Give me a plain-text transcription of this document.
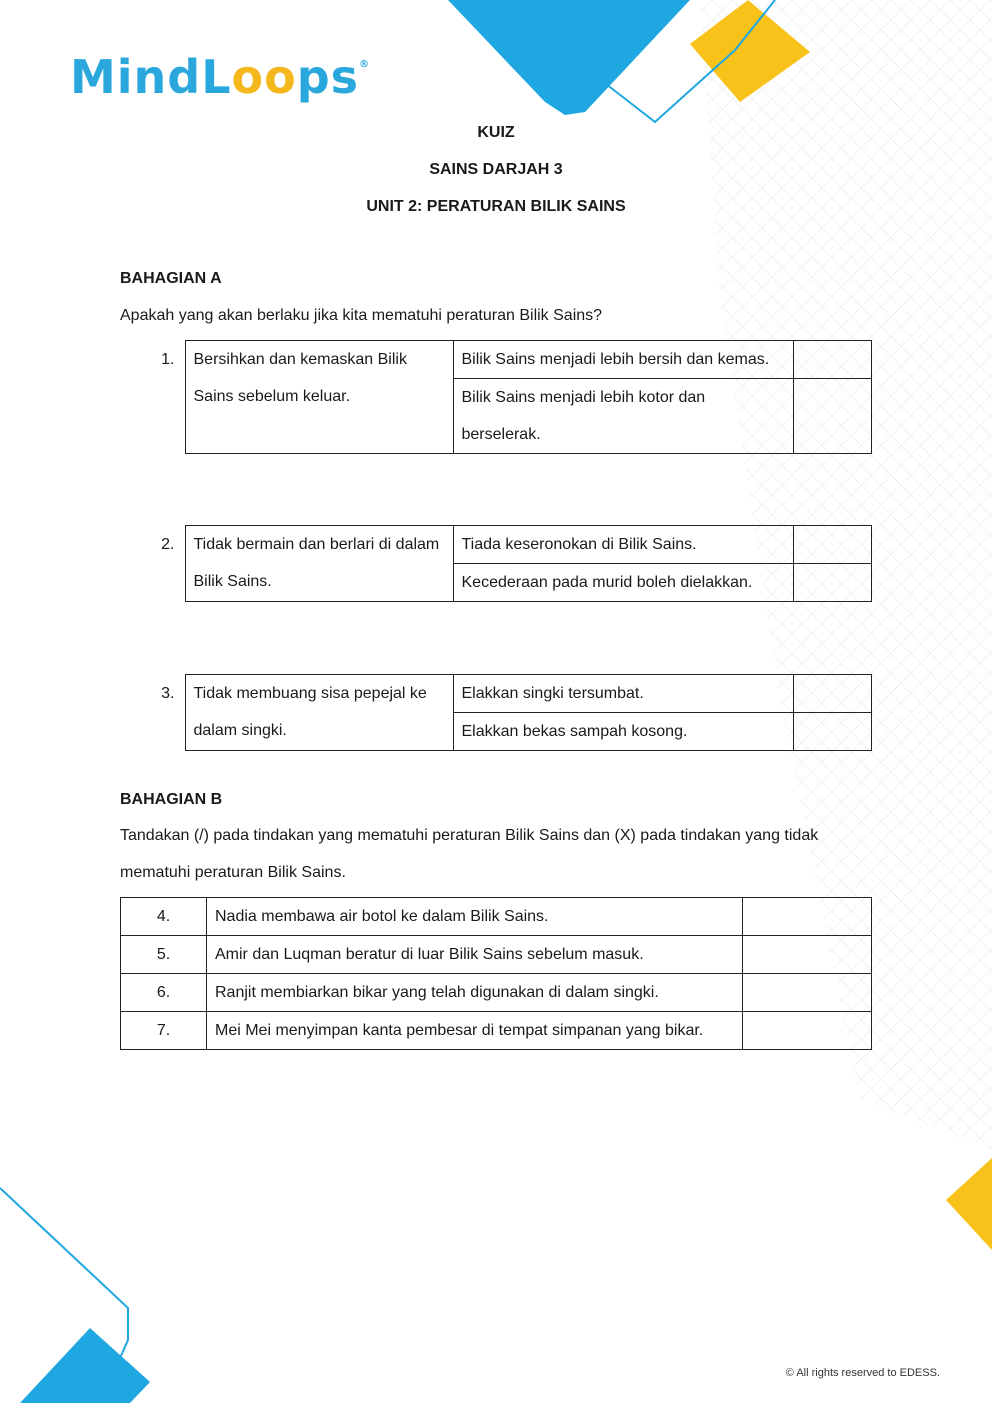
MindLoops®
KUIZ
SAINS DARJAH 3
UNIT 2: PERATURAN BILIK SAINS
BAHAGIAN A
Apakah yang akan berlaku jika kita mematuhi peraturan Bilik Sains?
1.	Bersihkan dan kemaskan Bilik Sains sebelum keluar.	Bilik Sains menjadi lebih bersih dan kemas.	
		Bilik Sains menjadi lebih kotor dan berselerak.	
2.	Tidak bermain dan berlari di dalam Bilik Sains.	Tiada keseronokan di Bilik Sains.	
		Kecederaan pada murid boleh dielakkan.	
3.	Tidak membuang sisa pepejal ke dalam singki.	Elakkan singki tersumbat.	
		Elakkan bekas sampah kosong.	
BAHAGIAN B
Tandakan (/) pada tindakan yang mematuhi peraturan Bilik Sains dan (X) pada tindakan yang tidak mematuhi peraturan Bilik Sains.
4.	Nadia membawa air botol ke dalam Bilik Sains.	
5.	Amir dan Luqman beratur di luar Bilik Sains sebelum masuk.	
6.	Ranjit membiarkan bikar yang telah digunakan di dalam singki.	
7.	Mei Mei menyimpan kanta pembesar di tempat simpanan yang bikar.	
© All rights reserved to EDESS.
